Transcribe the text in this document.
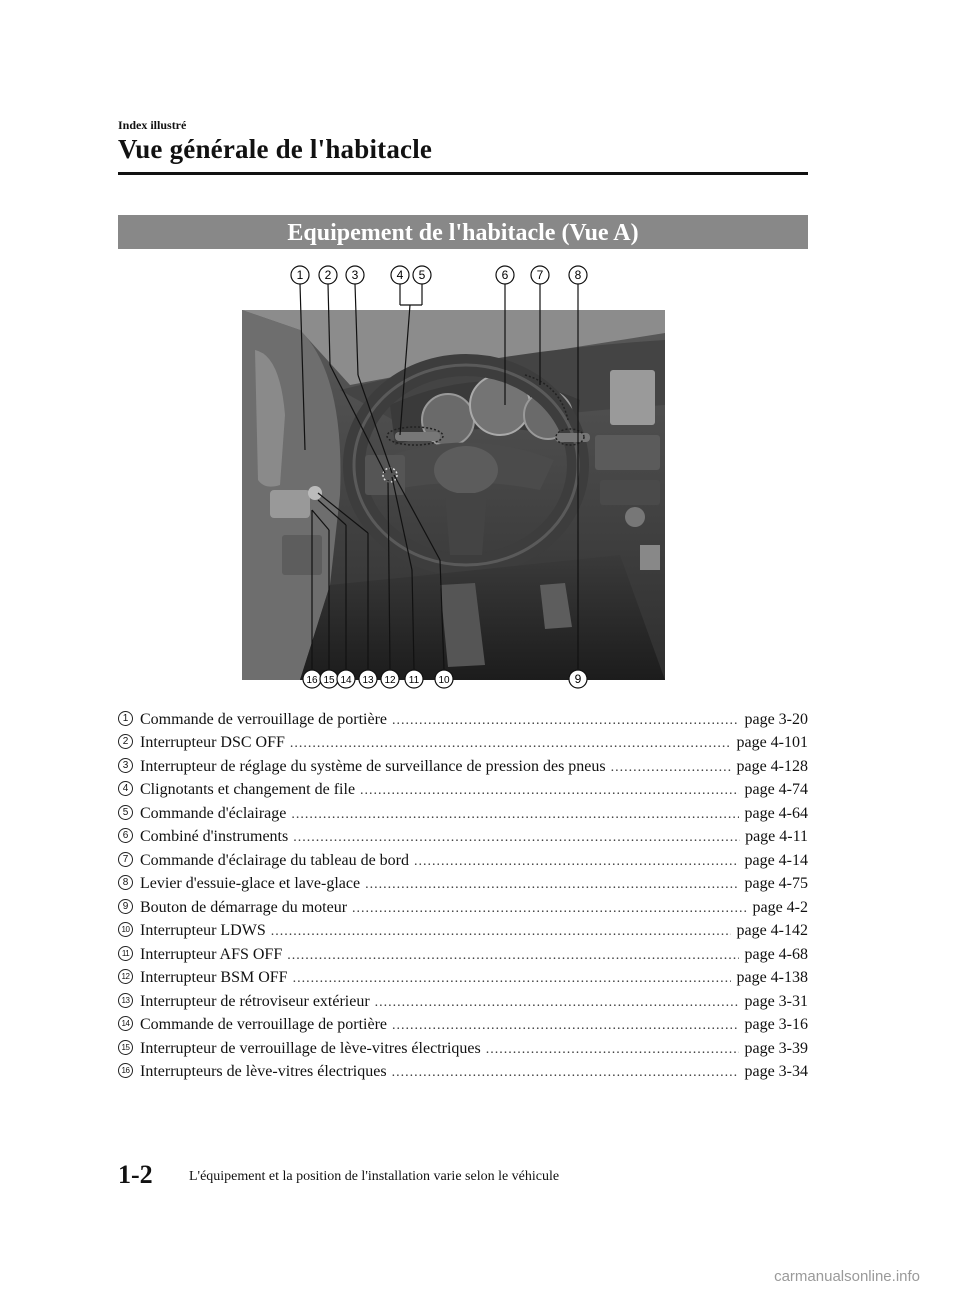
Index illustré
Vue générale de l'habitacle
Equipement de l'habitacle (Vue A)
1 2 3	4 5	6 7	8
16 15 14 13 12 11 10	9
1 Commande de verrouillage de portière .....	page 3-20
2 Interrupteur DSC OFF .....	page 4-101
3 Interrupteur de réglage du système de surveillance de pression des pneus .....	page 4-128
4 Clignotants et changement de file .....	page 4-74
5 Commande d'éclairage .....	page 4-64
6 Combiné d'instruments .....	page 4-11
7 Commande d'éclairage du tableau de bord .....	page 4-14
8 Levier d'essuie-glace et lave-glace .....	page 4-75
9 Bouton de démarrage du moteur .....	page 4-2
10 Interrupteur LDWS .....	page 4-142
11 Interrupteur AFS OFF .....	page 4-68
12 Interrupteur BSM OFF .....	page 4-138
13 Interrupteur de rétroviseur extérieur .....	page 3-31
14 Commande de verrouillage de portière .....	page 3-16
15 Interrupteur de verrouillage de lève-vitres électriques .....	page 3-39
16 Interrupteurs de lève-vitres électriques .....	page 3-34
1-2	L'équipement et la position de l'installation varie selon le véhicule
carmanualsonline.info
